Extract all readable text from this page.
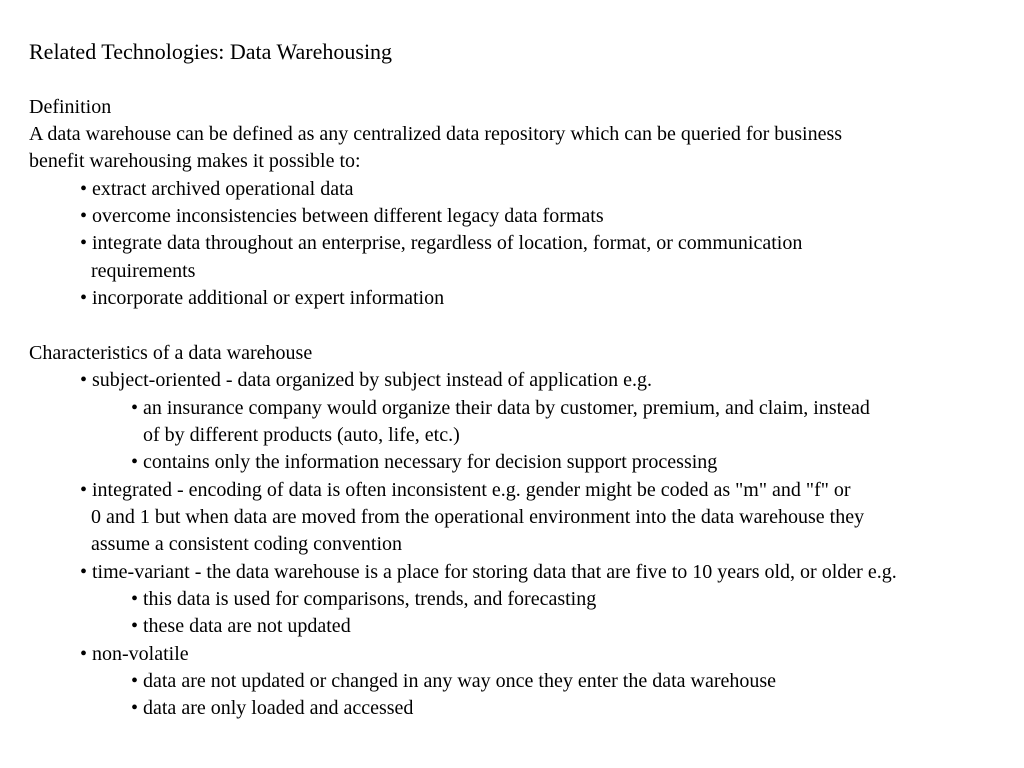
Related Technologies: Data Warehousing

Definition

A data warehouse can be defined as any centralized data repository which can be queried for business

benefit warehousing makes it possible to:

• extract archived operational data

• overcome inconsistencies between different legacy data formats

• integrate data throughout an enterprise, regardless of location, format, or communication

requirements

• incorporate additional or expert information

Characteristics of a data warehouse

• subject-oriented - data organized by subject instead of application e.g.

• an insurance company would organize their data by customer, premium, and claim, instead

of by different products (auto, life, etc.)

• contains only the information necessary for decision support processing

• integrated - encoding of data is often inconsistent e.g. gender might be coded as "m" and "f" or

0 and 1 but when data are moved from the operational environment into the data warehouse they

assume a consistent coding convention

• time-variant - the data warehouse is a place for storing data that are five to 10 years old, or older e.g.

• this data is used for comparisons, trends, and forecasting

• these data are not updated

• non-volatile

• data are not updated or changed in any way once they enter the data warehouse

• data are only loaded and accessed
